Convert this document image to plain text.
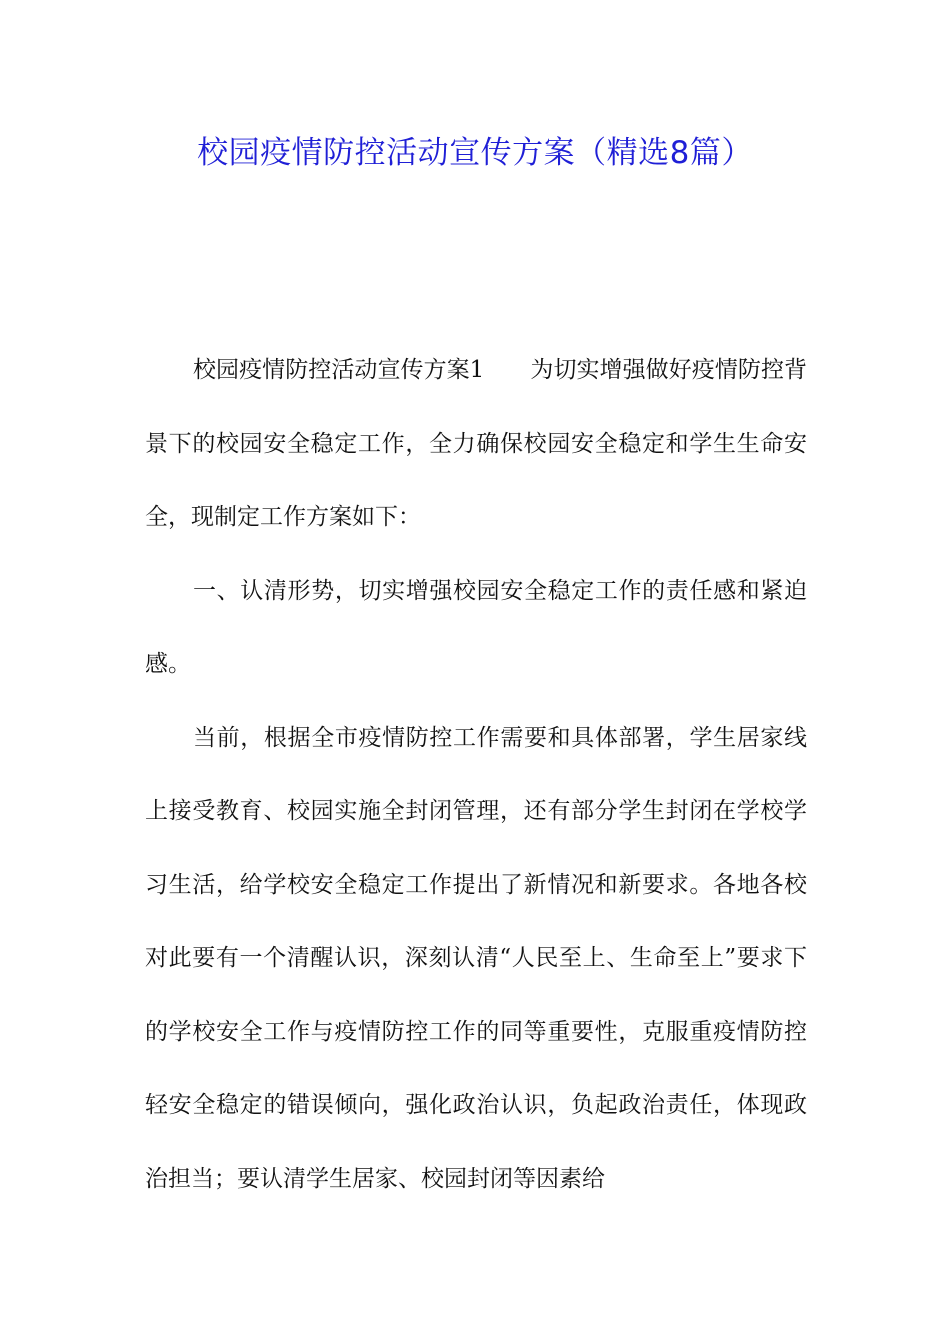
校园疫情防控活动宣传方案（精选8篇）

校园疫情防控活动宣传方案1 为切实增强做好疫情防控背景下的校园安全稳定工作，全力确保校园安全稳定和学生生命安全，现制定工作方案如下：

一、认清形势，切实增强校园安全稳定工作的责任感和紧迫感。

当前，根据全市疫情防控工作需要和具体部署，学生居家线上接受教育、校园实施全封闭管理，还有部分学生封闭在学校学习生活，给学校安全稳定工作提出了新情况和新要求。各地各校对此要有一个清醒认识，深刻认清“人民至上、生命至上”要求下的学校安全工作与疫情防控工作的同等重要性，克服重疫情防控轻安全稳定的错误倾向，强化政治认识，负起政治责任，体现政治担当；要认清学生居家、校园封闭等因素给
